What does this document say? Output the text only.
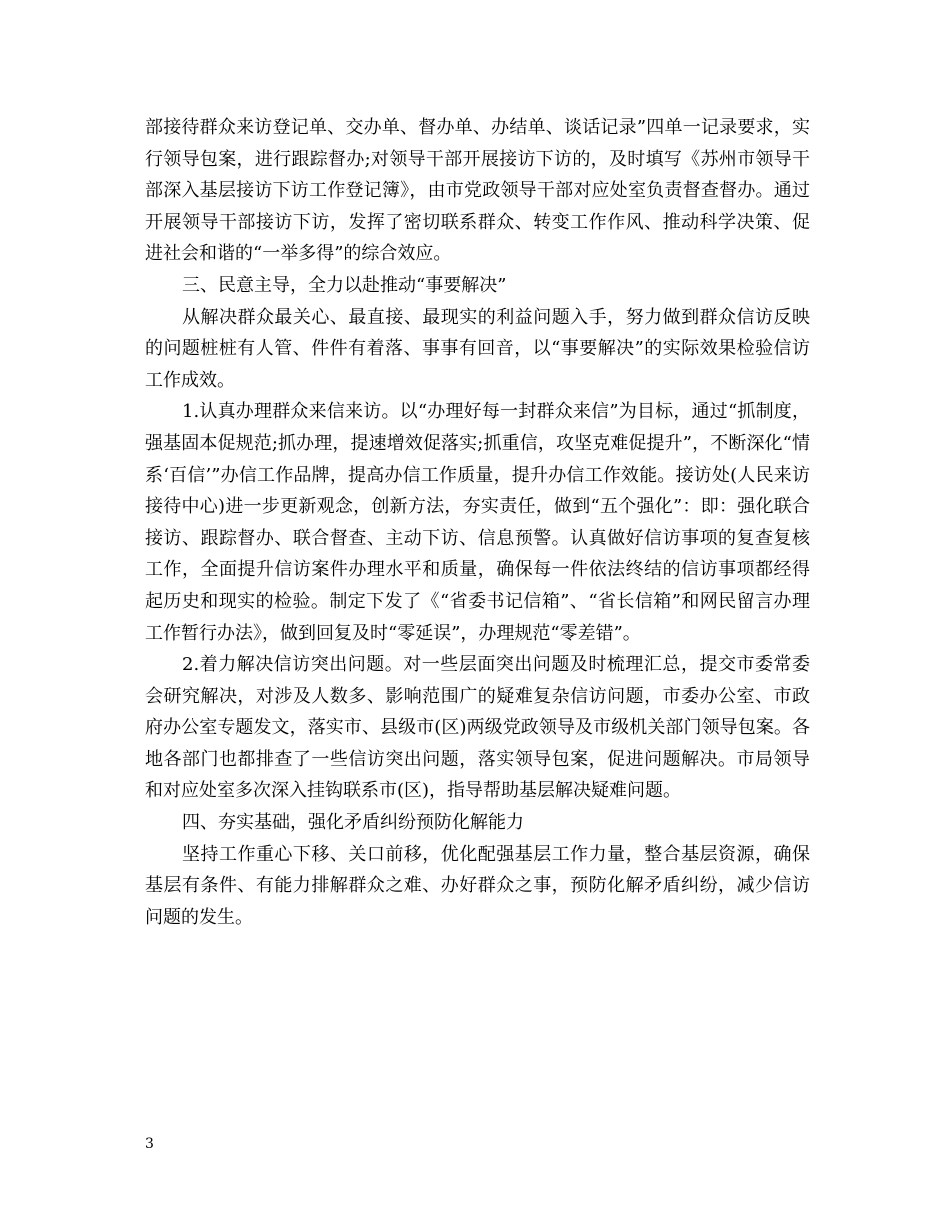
部接待群众来访登记单、交办单、督办单、办结单、谈话记录”四单一记录要求，实行领导包案，进行跟踪督办;对领导干部开展接访下访的，及时填写《苏州市领导干部深入基层接访下访工作登记簿》，由市党政领导干部对应处室负责督查督办。通过开展领导干部接访下访，发挥了密切联系群众、转变工作作风、推动科学决策、促进社会和谐的“一举多得”的综合效应。

三、民意主导，全力以赴推动“事要解决”

从解决群众最关心、最直接、最现实的利益问题入手，努力做到群众信访反映的问题桩桩有人管、件件有着落、事事有回音，以“事要解决”的实际效果检验信访工作成效。

1.认真办理群众来信来访。以“办理好每一封群众来信”为目标，通过“抓制度，强基固本促规范;抓办理，提速增效促落实;抓重信，攻坚克难促提升”，不断深化“情系‘百信’”办信工作品牌，提高办信工作质量，提升办信工作效能。接访处(人民来访接待中心)进一步更新观念，创新方法，夯实责任，做到“五个强化”：即：强化联合接访、跟踪督办、联合督查、主动下访、信息预警。认真做好信访事项的复查复核工作，全面提升信访案件办理水平和质量，确保每一件依法终结的信访事项都经得起历史和现实的检验。制定下发了《“省委书记信箱”、“省长信箱”和网民留言办理工作暂行办法》，做到回复及时“零延误”，办理规范“零差错”。

2.着力解决信访突出问题。对一些层面突出问题及时梳理汇总，提交市委常委会研究解决，对涉及人数多、影响范围广的疑难复杂信访问题，市委办公室、市政府办公室专题发文，落实市、县级市(区)两级党政领导及市级机关部门领导包案。各地各部门也都排查了一些信访突出问题，落实领导包案，促进问题解决。市局领导和对应处室多次深入挂钩联系市(区)，指导帮助基层解决疑难问题。

四、夯实基础，强化矛盾纠纷预防化解能力

坚持工作重心下移、关口前移，优化配强基层工作力量，整合基层资源，确保基层有条件、有能力排解群众之难、办好群众之事，预防化解矛盾纠纷，减少信访问题的发生。

3
